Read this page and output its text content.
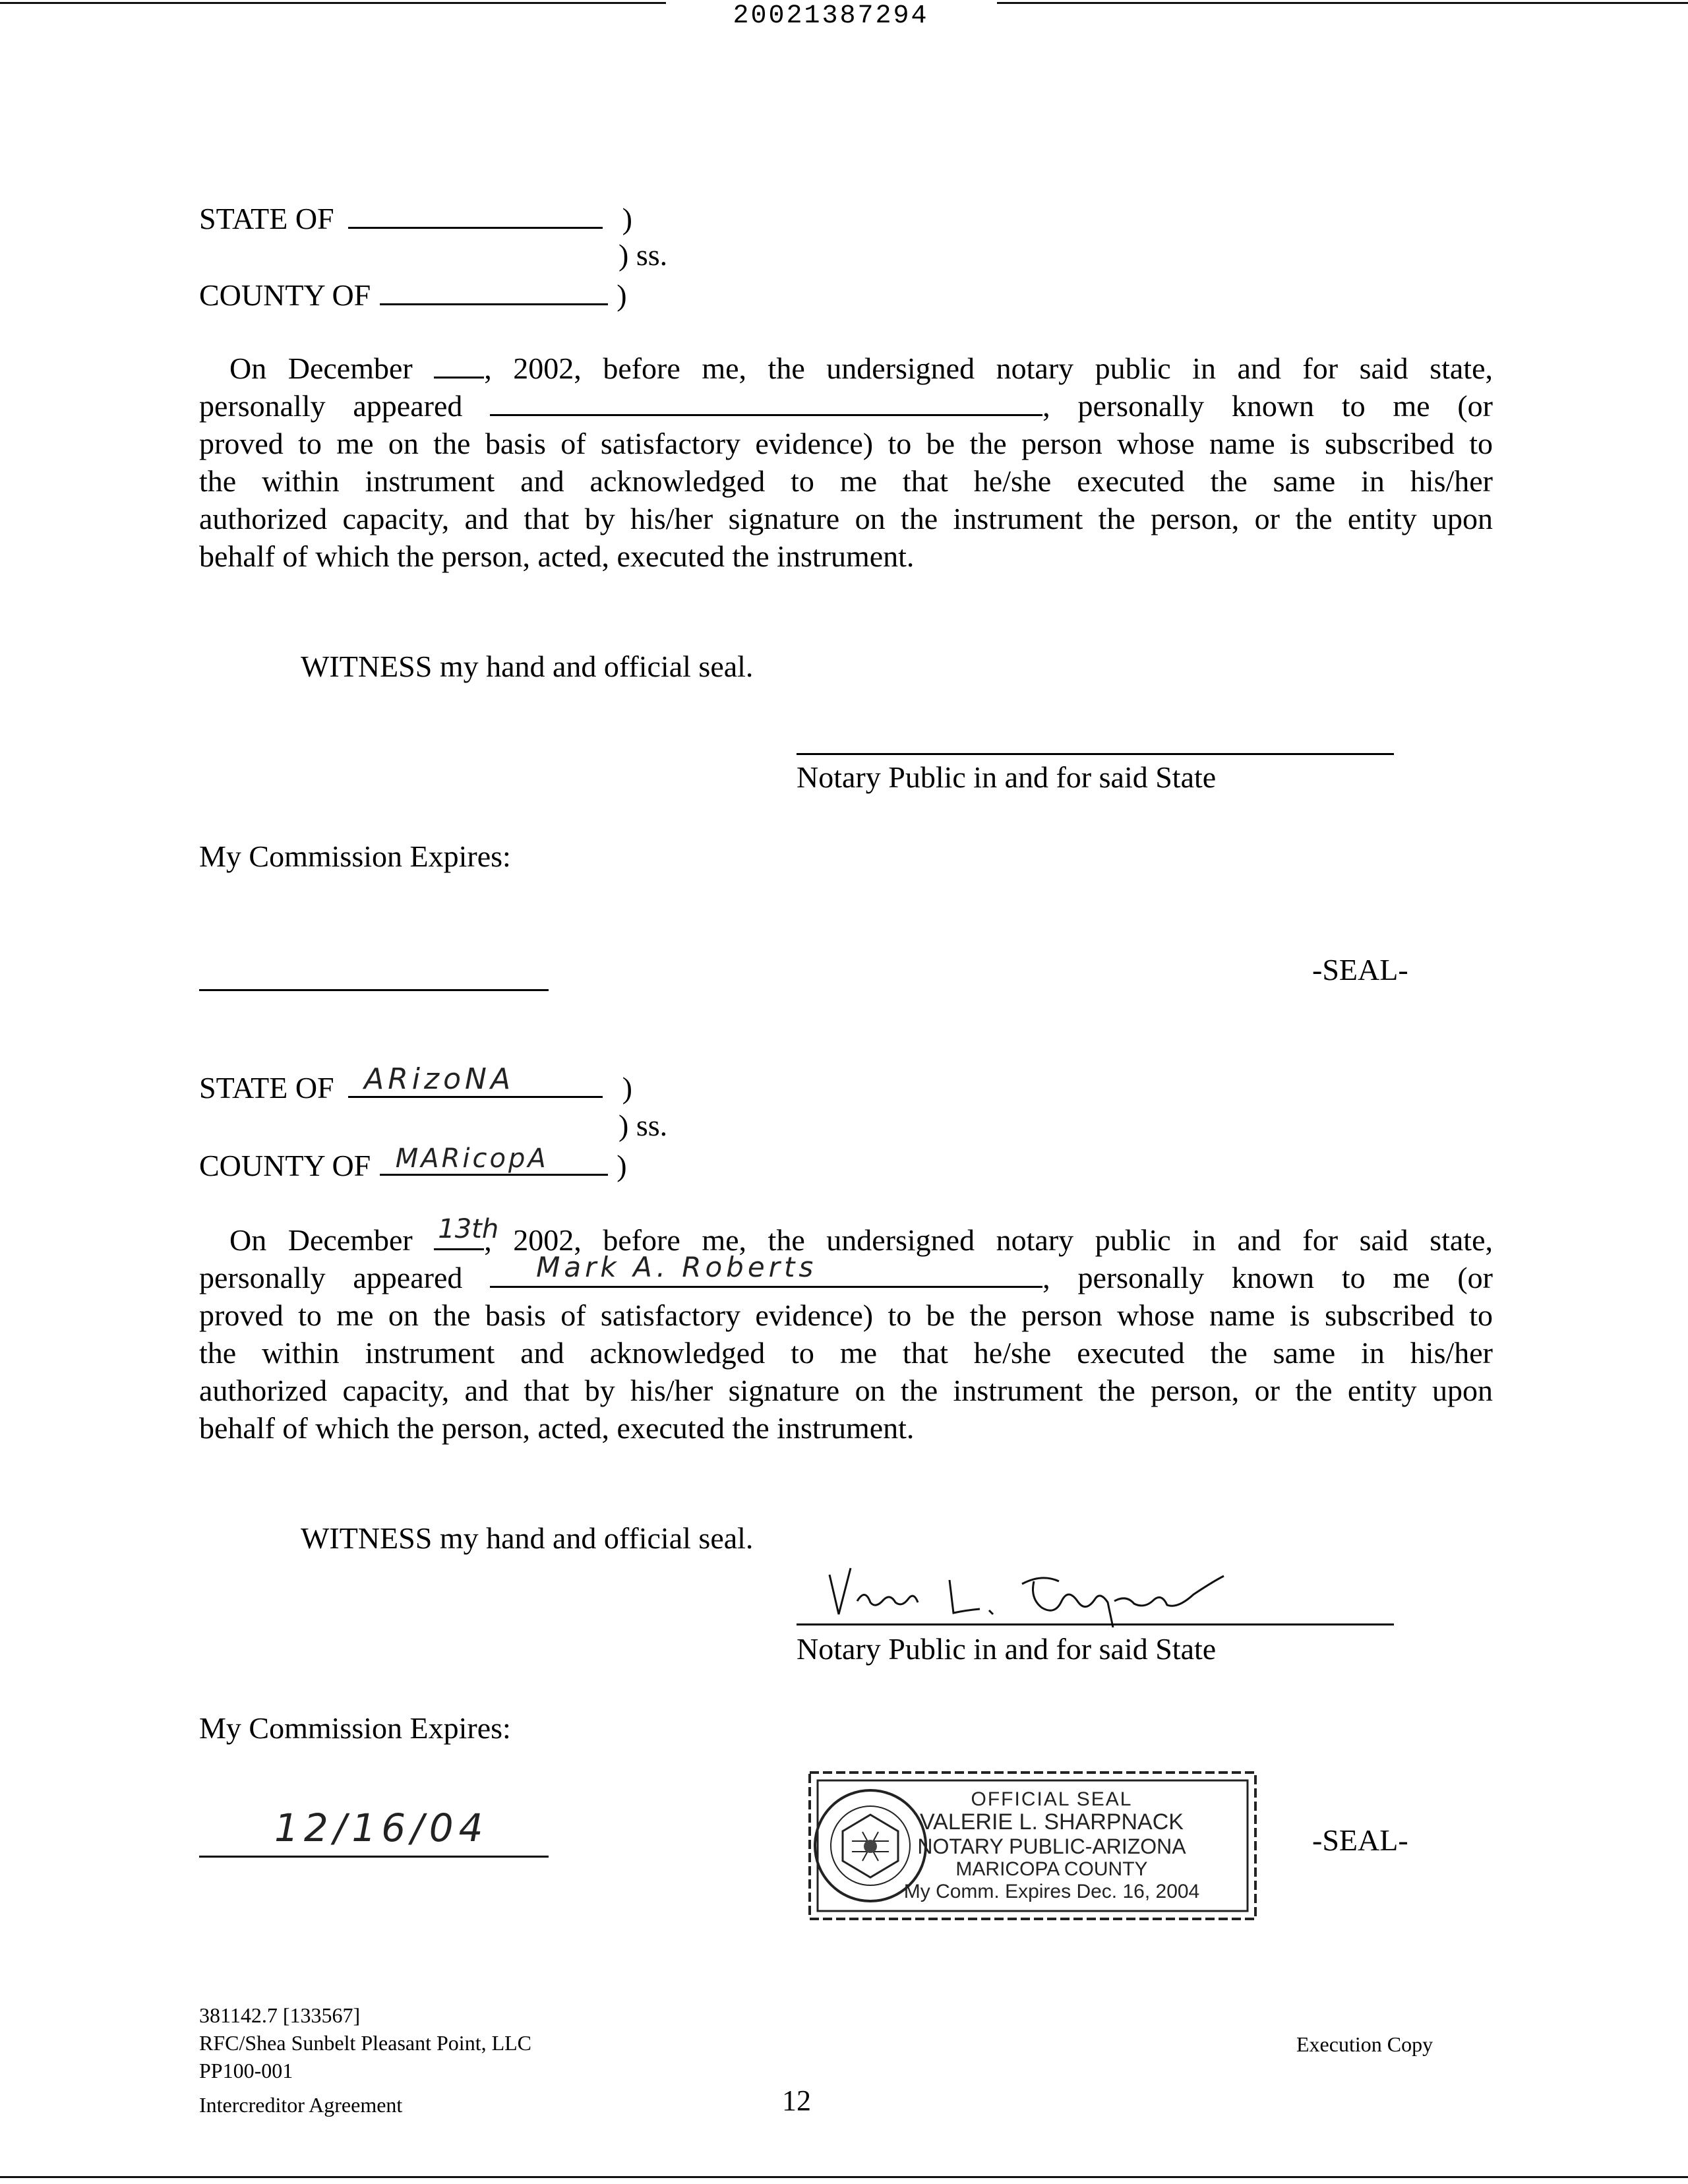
20021387294
STATE OF	)
) ss.
COUNTY OF	)
On December , 2002, before me, the undersigned notary public in and for said state,
personally appeared	, personally known to me (or
proved to me on the basis of satisfactory evidence) to be the person whose name is subscribed to
the within instrument and acknowledged to me that he/she executed the same in his/her
authorized capacity, and that by his/her signature on the instrument the person, or the entity upon
behalf of which the person, acted, executed the instrument.
WITNESS my hand and official seal.
Notary Public in and for said State
My Commission Expires:
-SEAL-
STATE OF ARizoNA	)
) ss.
COUNTY OF MARicopA )
On December 13th
, 2002, before me, the undersigned notary public in and for said state,
personally appeared	Mark A. Roberts	, personally known to me (or
proved to me on the basis of satisfactory evidence) to be the person whose name is subscribed to
the within instrument and acknowledged to me that he/she executed the same in his/her
authorized capacity, and that by his/her signature on the instrument the person, or the entity upon
behalf of which the person, acted, executed the instrument.
WITNESS my hand and official seal.
Notary Public in and for said State
My Commission Expires:
12/16/04	-SEAL-
OFFICIAL SEAL
VALERIE L. SHARPNACK
NOTARY PUBLIC-ARIZONA
MARICOPA COUNTY
My Comm. Expires Dec. 16, 2004
381142.7 [133567]
RFC/Shea Sunbelt Pleasant Point, LLC
PP100-001
Intercreditor Agreement	12
Execution Copy
